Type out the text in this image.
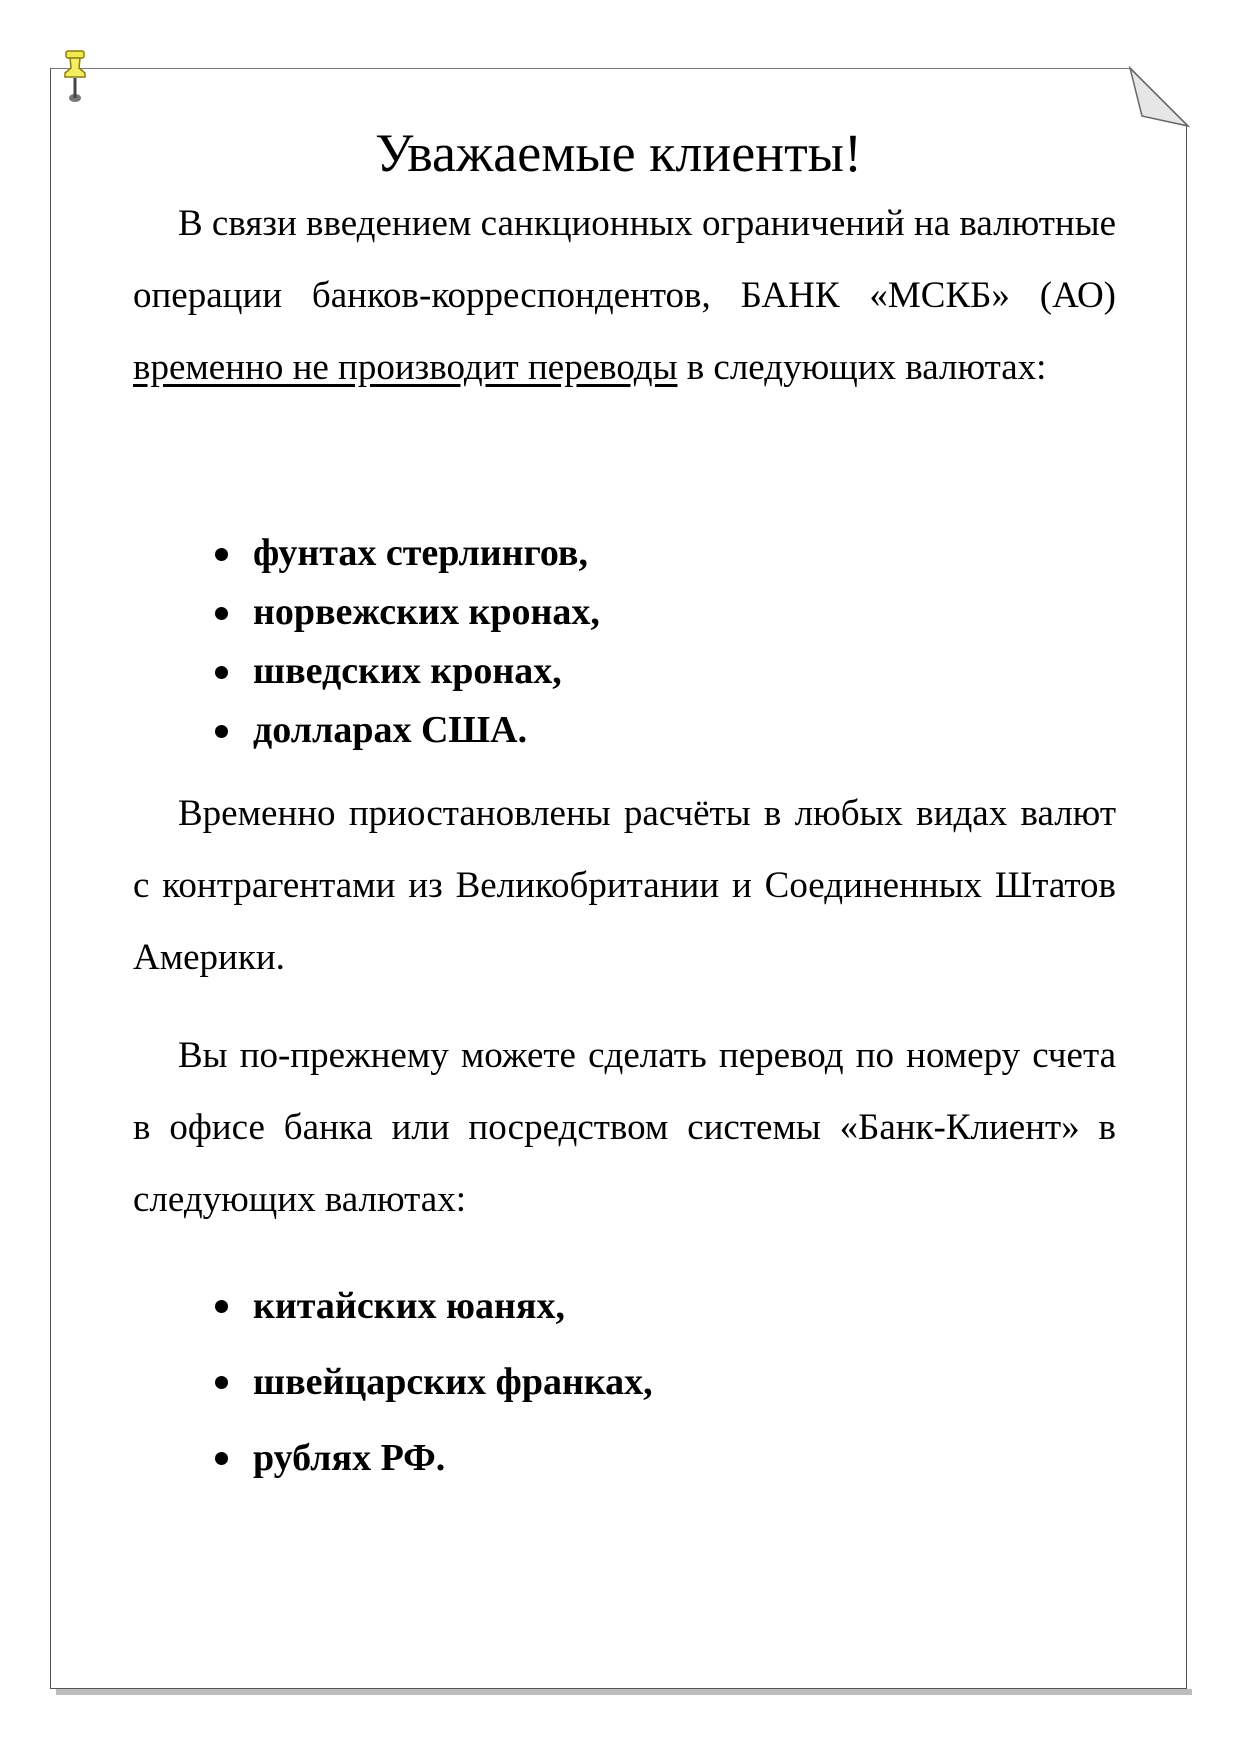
Уважаемые клиенты!

В связи введением санкционных ограничений на валютные операции банков-корреспондентов, БАНК «МСКБ» (АО) временно не производит переводы в следующих валютах:

фунтах стерлингов,
норвежских кронах,
шведских кронах,
долларах США.

Временно приостановлены расчёты в любых видах валют с контрагентами из Великобритании и Соединенных Штатов Америки.

Вы по-прежнему можете сделать перевод по номеру счета в офисе банка или посредством системы «Банк-Клиент» в следующих валютах:

китайских юанях,
швейцарских франках,
рублях РФ.
